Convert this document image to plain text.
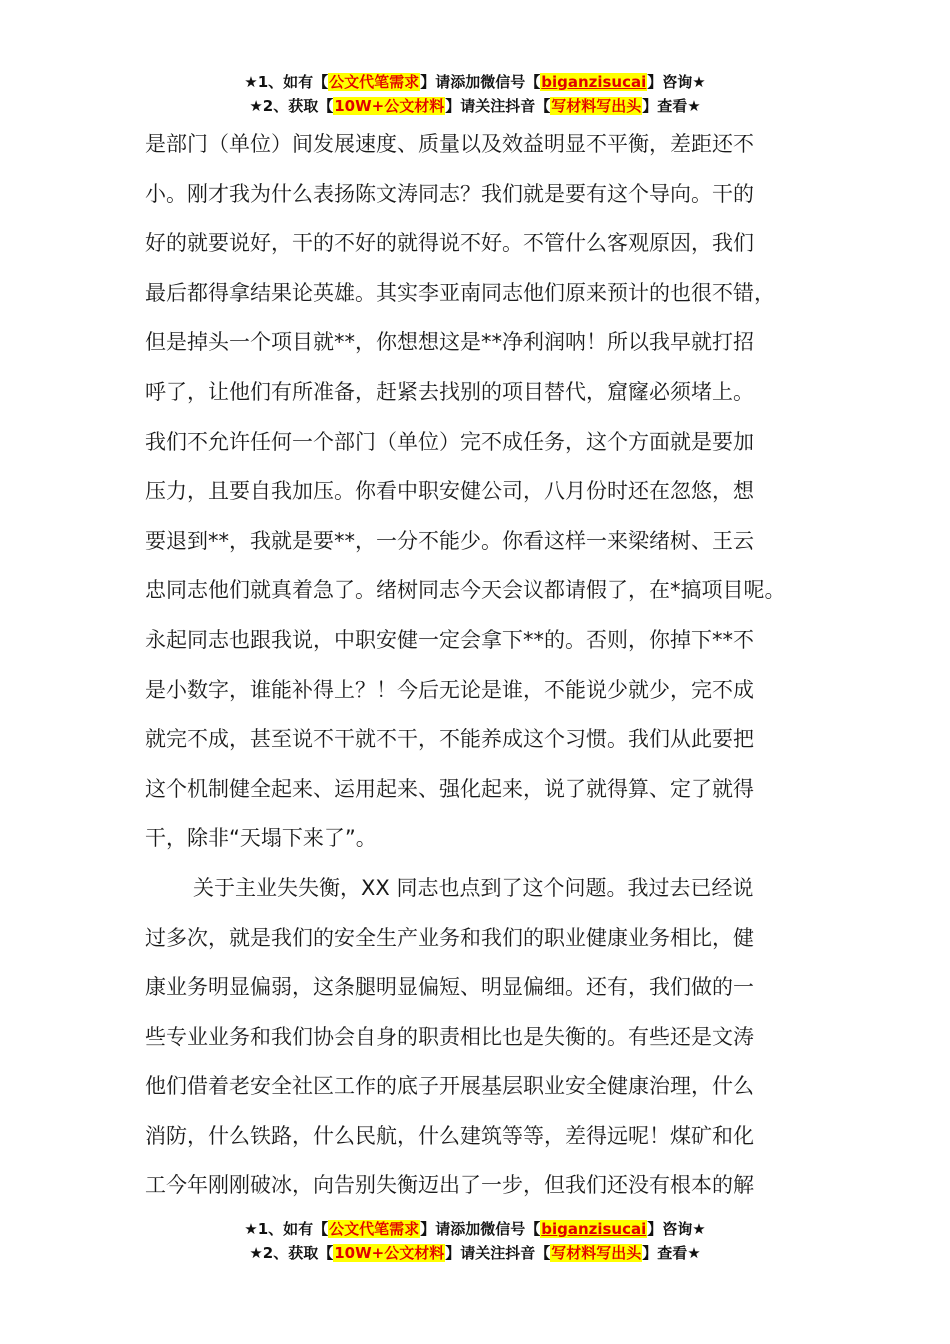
★1、如有【公文代笔需求】请添加微信号【biganzisucai】咨询★
★2、获取【10W+公文材料】请关注抖音【写材料写出头】查看★
是部门（单位）间发展速度、质量以及效益明显不平衡，差距还不
小。刚才我为什么表扬陈文涛同志？我们就是要有这个导向。干的
好的就要说好，干的不好的就得说不好。不管什么客观原因，我们
最后都得拿结果论英雄。其实李亚南同志他们原来预计的也很不错，
但是掉头一个项目就**，你想想这是**净利润呐！所以我早就打招
呼了，让他们有所准备，赶紧去找别的项目替代，窟窿必须堵上。
我们不允许任何一个部门（单位）完不成任务，这个方面就是要加
压力，且要自我加压。你看中职安健公司，八月份时还在忽悠，想
要退到**，我就是要**，一分不能少。你看这样一来梁绪树、王云
忠同志他们就真着急了。绪树同志今天会议都请假了，在*搞项目呢。
永起同志也跟我说，中职安健一定会拿下**的。否则，你掉下**不
是小数字，谁能补得上？！今后无论是谁，不能说少就少，完不成
就完不成，甚至说不干就不干，不能养成这个习惯。我们从此要把
这个机制健全起来、运用起来、强化起来，说了就得算、定了就得
干，除非“天塌下来了”。
关于主业失失衡，XX 同志也点到了这个问题。我过去已经说
过多次，就是我们的安全生产业务和我们的职业健康业务相比，健
康业务明显偏弱，这条腿明显偏短、明显偏细。还有，我们做的一
些专业业务和我们协会自身的职责相比也是失衡的。有些还是文涛
他们借着老安全社区工作的底子开展基层职业安全健康治理，什么
消防，什么铁路，什么民航，什么建筑等等，差得远呢！煤矿和化
工今年刚刚破冰，向告别失衡迈出了一步，但我们还没有根本的解
★1、如有【公文代笔需求】请添加微信号【biganzisucai】咨询★
★2、获取【10W+公文材料】请关注抖音【写材料写出头】查看★
